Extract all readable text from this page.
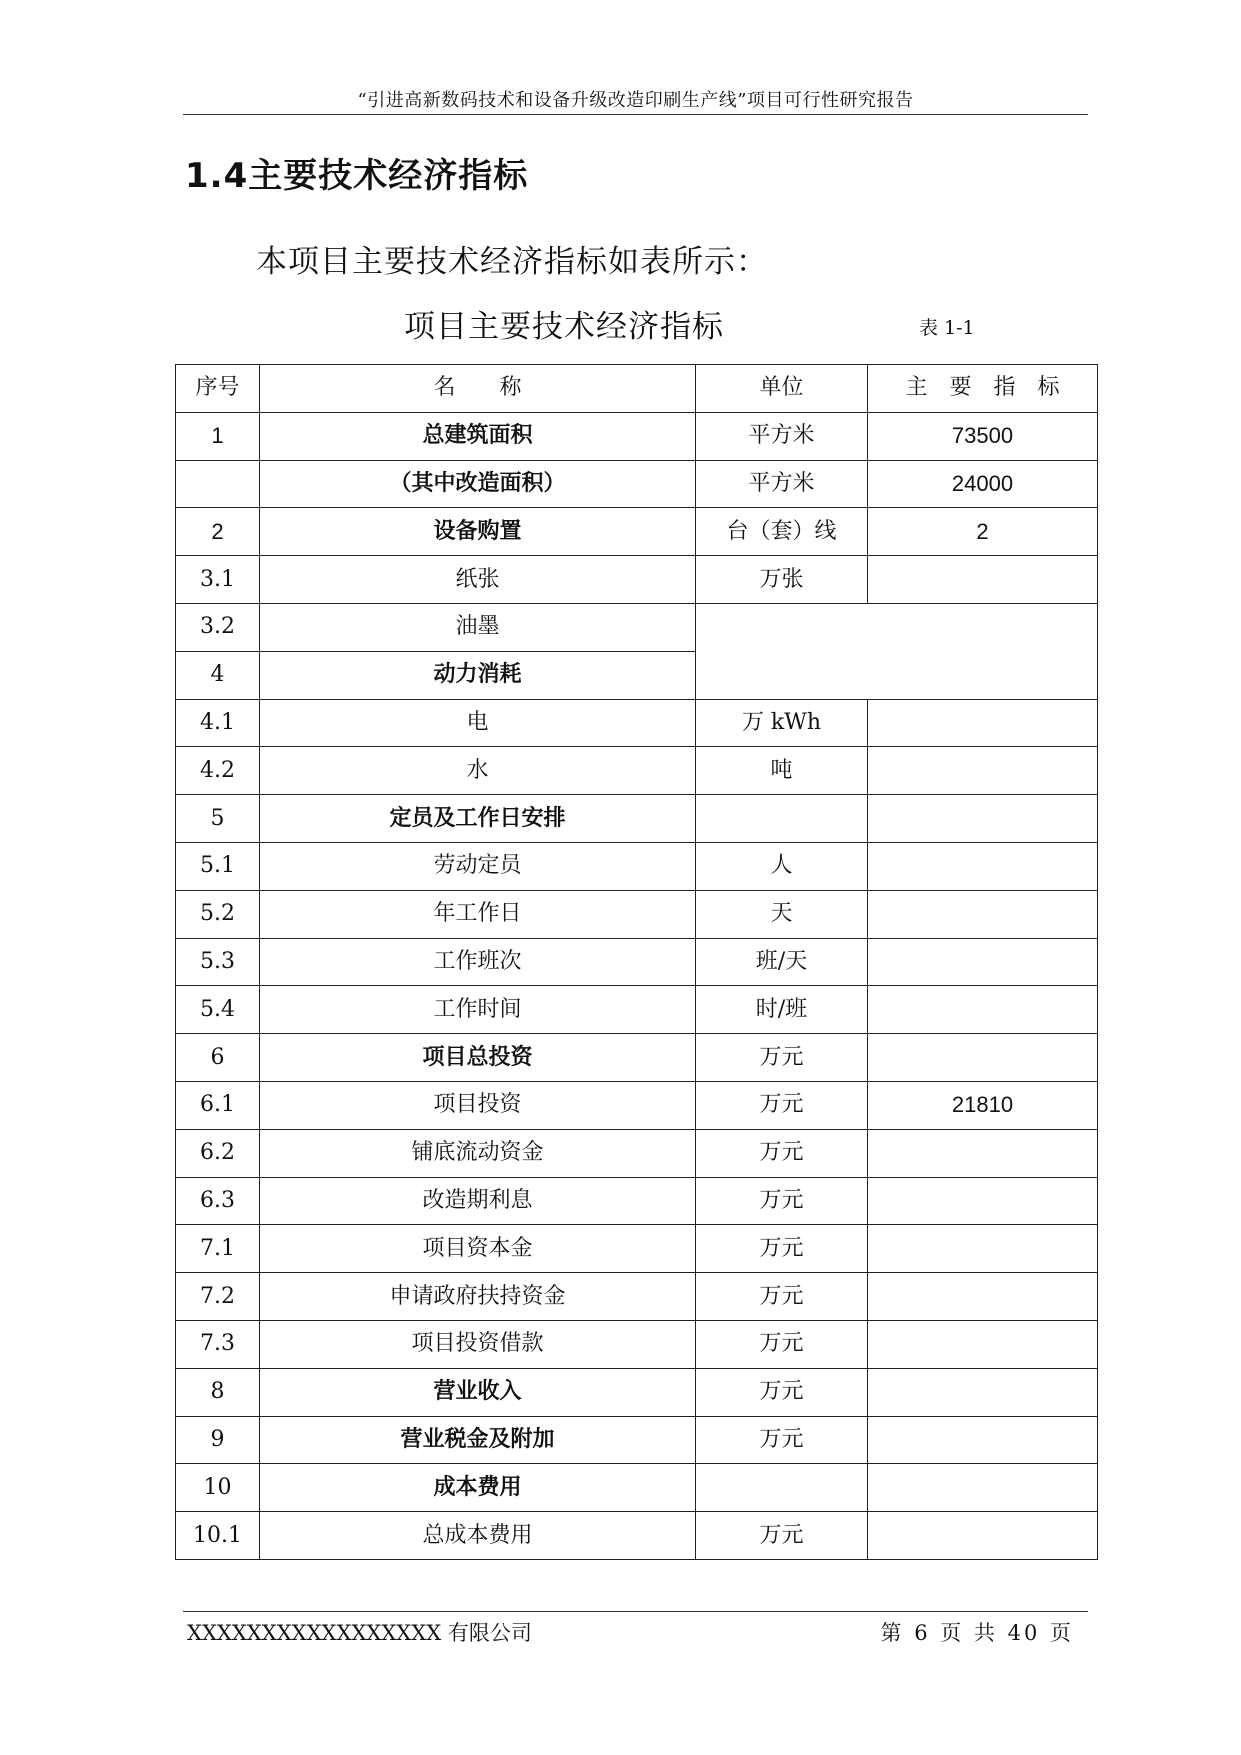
“引进高新数码技术和设备升级改造印刷生产线”项目可行性研究报告
1.4主要技术经济指标
本项目主要技术经济指标如表所示：
项目主要技术经济指标	表 1-1
序号	名　　称	单位	主　要　指　标
1	总建筑面积	平方米	73500
	（其中改造面积）	平方米	24000
2	设备购置	台（套）线	2
3.1	纸张	万张	
3.2	油墨		
4	动力消耗		
4.1	电	万 kWh	
4.2	水	吨	
5	定员及工作日安排		
5.1	劳动定员	人	
5.2	年工作日	天	
5.3	工作班次	班/天	
5.4	工作时间	时/班	
6	项目总投资	万元	
6.1	项目投资	万元	21810
6.2	铺底流动资金	万元	
6.3	改造期利息	万元	
7.1	项目资本金	万元	
7.2	申请政府扶持资金	万元	
7.3	项目投资借款	万元	
8	营业收入	万元	
9	营业税金及附加	万元	
10	成本费用		
10.1	总成本费用	万元	
XXXXXXXXXXXXXXXXX 有限公司	第 6 页 共 40 页
